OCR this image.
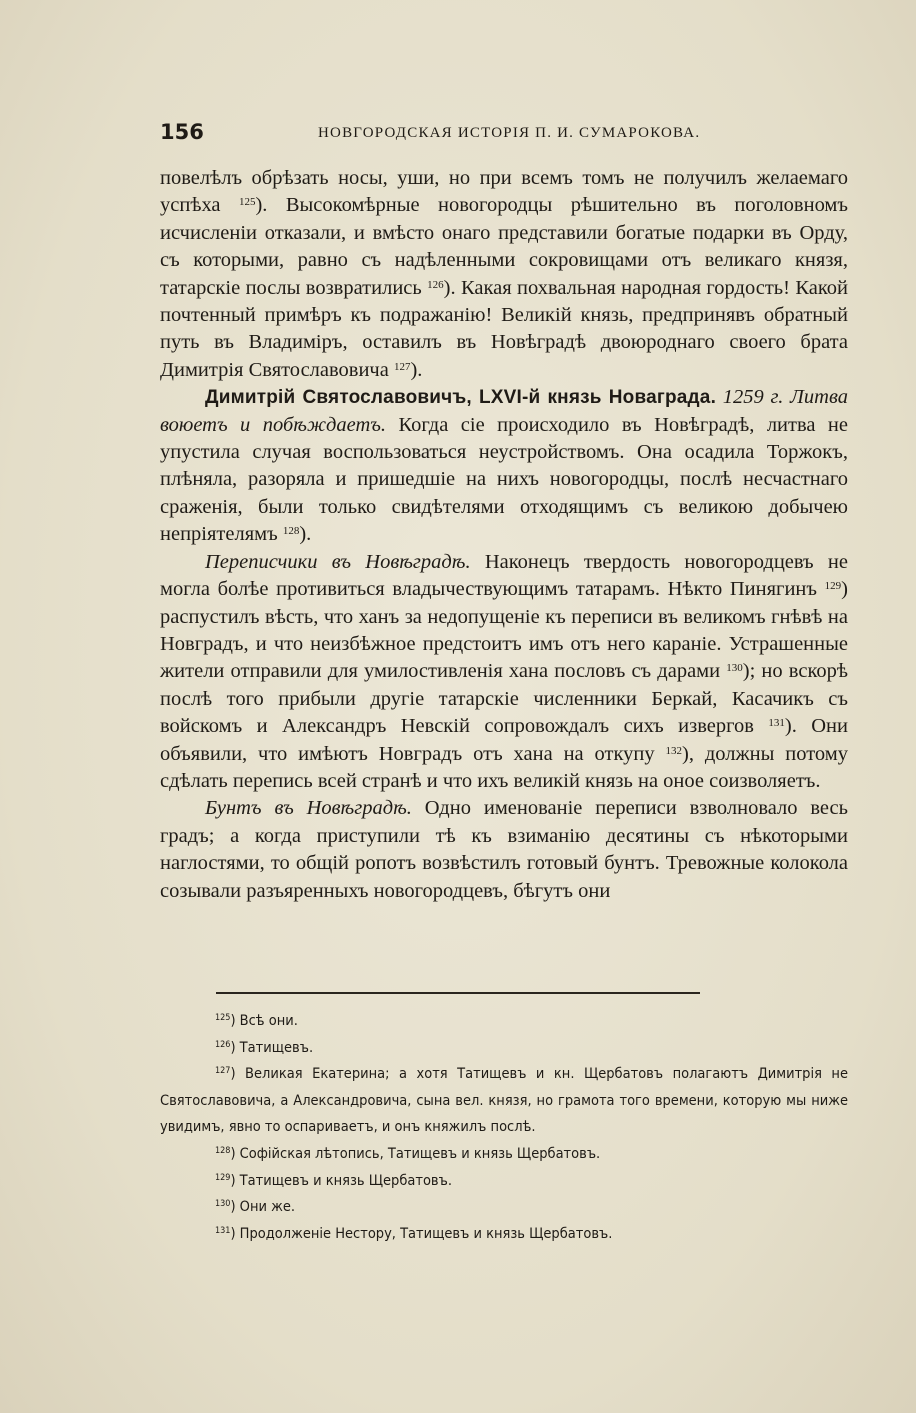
156	НОВГОРОДСКАЯ ИСТОРІЯ П. И. СУМАРОКОВА.

повелѣлъ обрѣзать носы, уши, но при всемъ томъ не получилъ желаемаго успѣха $^{125}$). Высокомѣрные новогородцы рѣшительно въ поголовномъ исчисленіи отказали, и вмѣсто онаго представили богатые подарки въ Орду, съ которыми, равно съ надѣленными сокровищами отъ великаго князя, татарскіе послы возвратились $^{126}$). Какая похвальная народная гордость! Какой почтенный примѣръ къ подражанію! Великій князь, предпринявъ обратный путь въ Владиміръ, оставилъ въ Новѣградѣ двоюроднаго своего брата Димитрія Святославовича $^{127}$).

Димитрій Святославовичъ, LXVI-й князь Новаграда. 1259 г. Литва воюетъ и побѣждаетъ. Когда сіе происходило въ Новѣградѣ, литва не упустила случая воспользоваться неустройствомъ. Она осадила Торжокъ, плѣняла, разоряла и пришедшіе на нихъ новогородцы, послѣ несчастнаго сраженія, были только свидѣтелями отходящимъ съ великою добычею непріятелямъ $^{128}$).

Переписчики въ Новѣградѣ. Наконецъ твердость новогородцевъ не могла болѣе противиться владычествующимъ татарамъ. Нѣкто Пинягинъ $^{129}$) распустилъ вѣсть, что ханъ за недопущеніе къ переписи въ великомъ гнѣвѣ на Новградъ, и что неизбѣжное предстоитъ имъ отъ него караніе. Устрашенные жители отправили для умилостивленія хана пословъ съ дарами $^{130}$); но вскорѣ послѣ того прибыли другіе татарскіе численники Беркай, Касачикъ съ войскомъ и Александръ Невскій сопровождалъ сихъ извергов $^{131}$). Они объявили, что имѣютъ Новградъ отъ хана на откупу $^{132}$), должны потому сдѣлать перепись всей странѣ и что ихъ великій князь на оное соизволяетъ.

Бунтъ въ Новѣградѣ. Одно именованіе переписи взволновало весь градъ; а когда приступили тѣ къ взиманію десятины съ нѣкоторыми наглостями, то общій ропотъ возвѣстилъ готовый бунтъ. Тревожные колокола созывали разъяренныхъ новогородцевъ, бѣгутъ они

$^{125}$) Всѣ они.
$^{126}$) Татищевъ.
$^{127}$) Великая Екатерина; а хотя Татищевъ и кн. Щербатовъ полагаютъ Димитрія не Святославовича, а Александровича, сына вел. князя, но грамота того времени, которую мы ниже увидимъ, явно то оспариваетъ, и онъ княжилъ послѣ.
$^{128}$) Софійская лѣтопись, Татищевъ и князь Щербатовъ.
$^{129}$) Татищевъ и князь Щербатовъ.
$^{130}$) Они же.
$^{131}$) Продолженіе Нестору, Татищевъ и князь Щербатовъ.
